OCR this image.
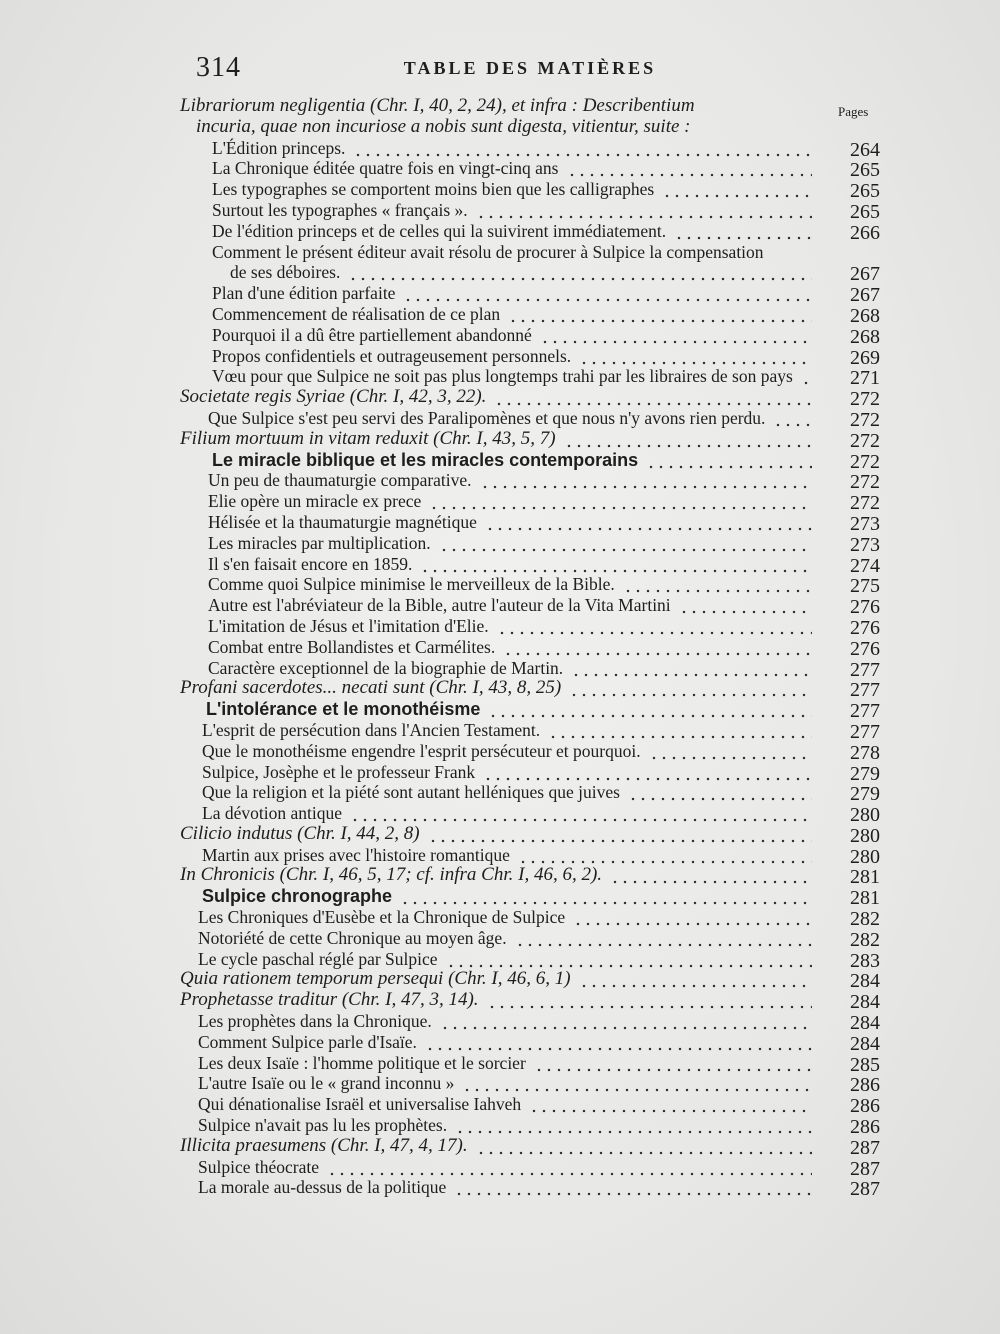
314	TABLE DES MATIÈRES
Pages
Librariorum negligentia (Chr. I, 40, 2, 24), et infra : Describentium
incuria, quae non incuriose a nobis sunt digesta, vitientur, suite :
L'Édition princeps.	264
La Chronique éditée quatre fois en vingt-cinq ans	265
Les typographes se comportent moins bien que les calligraphes	265
Surtout les typographes « français ».	265
De l'édition princeps et de celles qui la suivirent immédiatement.	266
Comment le présent éditeur avait résolu de procurer à Sulpice la compensation
de ses déboires.	267
Plan d'une édition parfaite	267
Commencement de réalisation de ce plan	268
Pourquoi il a dû être partiellement abandonné	268
Propos confidentiels et outrageusement personnels.	269
Vœu pour que Sulpice ne soit pas plus longtemps trahi par les libraires de son pays	271
Societate regis Syriae (Chr. I, 42, 3, 22).	272
Que Sulpice s'est peu servi des Paralipomènes et que nous n'y avons rien perdu.	272
Filium mortuum in vitam reduxit (Chr. I, 43, 5, 7)	272
Le miracle biblique et les miracles contemporains	272
Un peu de thaumaturgie comparative.	272
Elie opère un miracle ex prece	272
Hélisée et la thaumaturgie magnétique	273
Les miracles par multiplication.	273
Il s'en faisait encore en 1859.	274
Comme quoi Sulpice minimise le merveilleux de la Bible.	275
Autre est l'abréviateur de la Bible, autre l'auteur de la Vita Martini	276
L'imitation de Jésus et l'imitation d'Elie.	276
Combat entre Bollandistes et Carmélites.	276
Caractère exceptionnel de la biographie de Martin.	277
Profani sacerdotes... necati sunt (Chr. I, 43, 8, 25)	277
L'intolérance et le monothéisme	277
L'esprit de persécution dans l'Ancien Testament.	277
Que le monothéisme engendre l'esprit persécuteur et pourquoi.	278
Sulpice, Josèphe et le professeur Frank	279
Que la religion et la piété sont autant helléniques que juives	279
La dévotion antique	280
Cilicio indutus (Chr. I, 44, 2, 8)	280
Martin aux prises avec l'histoire romantique	280
In Chronicis (Chr. I, 46, 5, 17; cf. infra Chr. I, 46, 6, 2).	281
Sulpice chronographe	281
Les Chroniques d'Eusèbe et la Chronique de Sulpice	282
Notoriété de cette Chronique au moyen âge.	282
Le cycle paschal réglé par Sulpice	283
Quia rationem temporum persequi (Chr. I, 46, 6, 1)	284
Prophetasse traditur (Chr. I, 47, 3, 14).	284
Les prophètes dans la Chronique.	284
Comment Sulpice parle d'Isaïe.	284
Les deux Isaïe : l'homme politique et le sorcier	285
L'autre Isaïe ou le « grand inconnu »	286
Qui dénationalise Israël et universalise Iahveh	286
Sulpice n'avait pas lu les prophètes.	286
Illicita praesumens (Chr. I, 47, 4, 17).	287
Sulpice théocrate	287
La morale au-dessus de la politique	287
